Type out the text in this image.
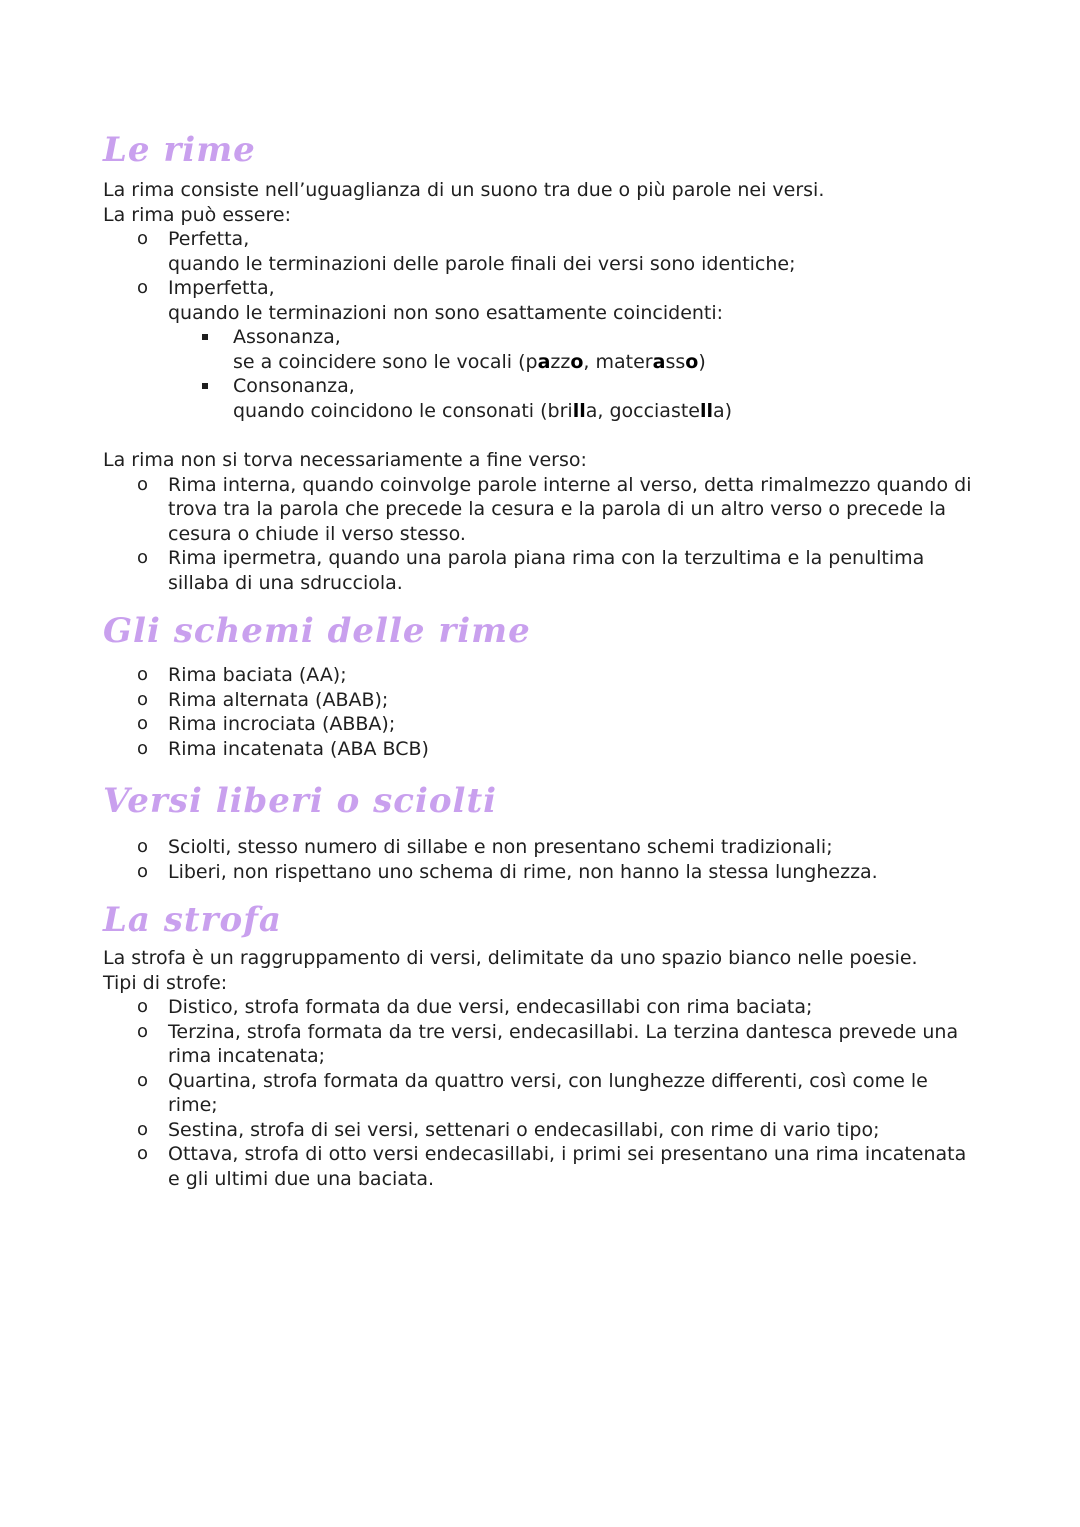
Le rime

La rima consiste nell’uguaglianza di un suono tra due o più parole nei versi.

La rima può essere:

o Perfetta,
quando le terminazioni delle parole finali dei versi sono identiche;
o Imperfetta,
quando le terminazioni non sono esattamente coincidenti:
Assonanza,
se a coincidere sono le vocali (pazzo, materasso)
Consonanza,
quando coincidono le consonati (brilla, gocciastella)

La rima non si torva necessariamente a fine verso:

o Rima interna, quando coinvolge parole interne al verso, detta rimalmezzo quando di trova tra la parola che precede la cesura e la parola di un altro verso o precede la cesura o chiude il verso stesso.
o Rima ipermetra, quando una parola piana rima con la terzultima e la penultima sillaba di una sdrucciola.
Gli schemi delle rime
o Rima baciata (AA);
o Rima alternata (ABAB);
o Rima incrociata (ABBA);
o Rima incatenata (ABA BCB)
Versi liberi o sciolti
o Sciolti, stesso numero di sillabe e non presentano schemi tradizionali;
o Liberi, non rispettano uno schema di rime, non hanno la stessa lunghezza.
La strofa

La strofa è un raggruppamento di versi, delimitate da uno spazio bianco nelle poesie.

Tipi di strofe:

o Distico, strofa formata da due versi, endecasillabi con rima baciata;
o Terzina, strofa formata da tre versi, endecasillabi. La terzina dantesca prevede una rima incatenata;
o Quartina, strofa formata da quattro versi, con lunghezze differenti, così come le rime;
o Sestina, strofa di sei versi, settenari o endecasillabi, con rime di vario tipo;
o Ottava, strofa di otto versi endecasillabi, i primi sei presentano una rima incatenata e gli ultimi due una baciata.
